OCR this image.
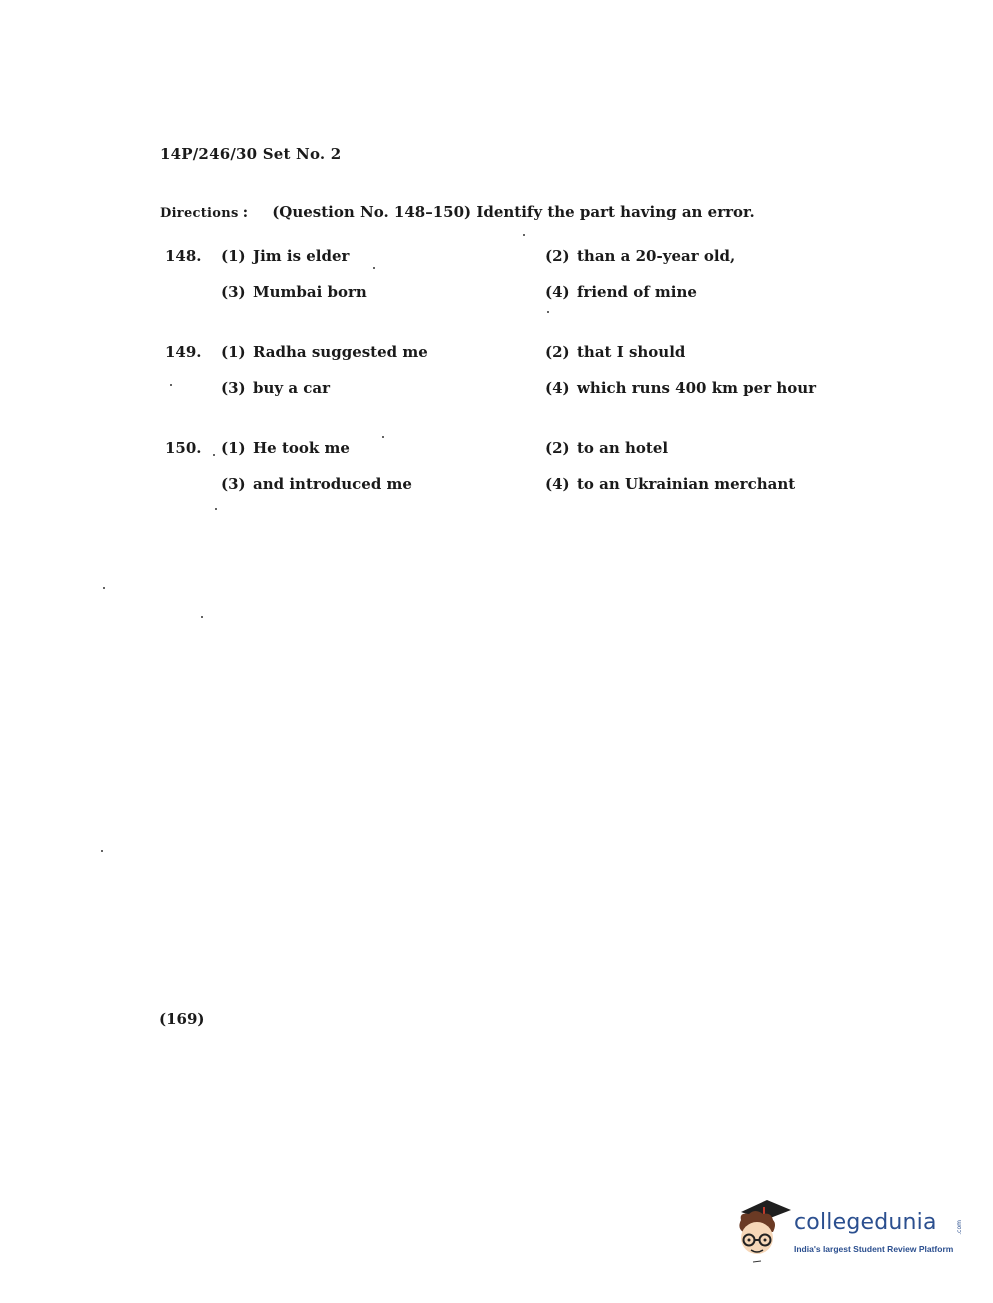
14P/246/30 Set No. 2
Directions : (Question No. 148–150) Identify the part having an error.
148. (1) Jim is elder	(2) than a 20-year old,
(3) Mumbai born	(4) friend of mine
149. (1) Radha suggested me	(2) that I should
(3) buy a car	(4) which runs 400 km per hour
150. (1) He took me	(2) to an hotel
(3) and introduced me	(4) to an Ukrainian merchant
(169)
collegedunia	.com
India's largest Student Review Platform
